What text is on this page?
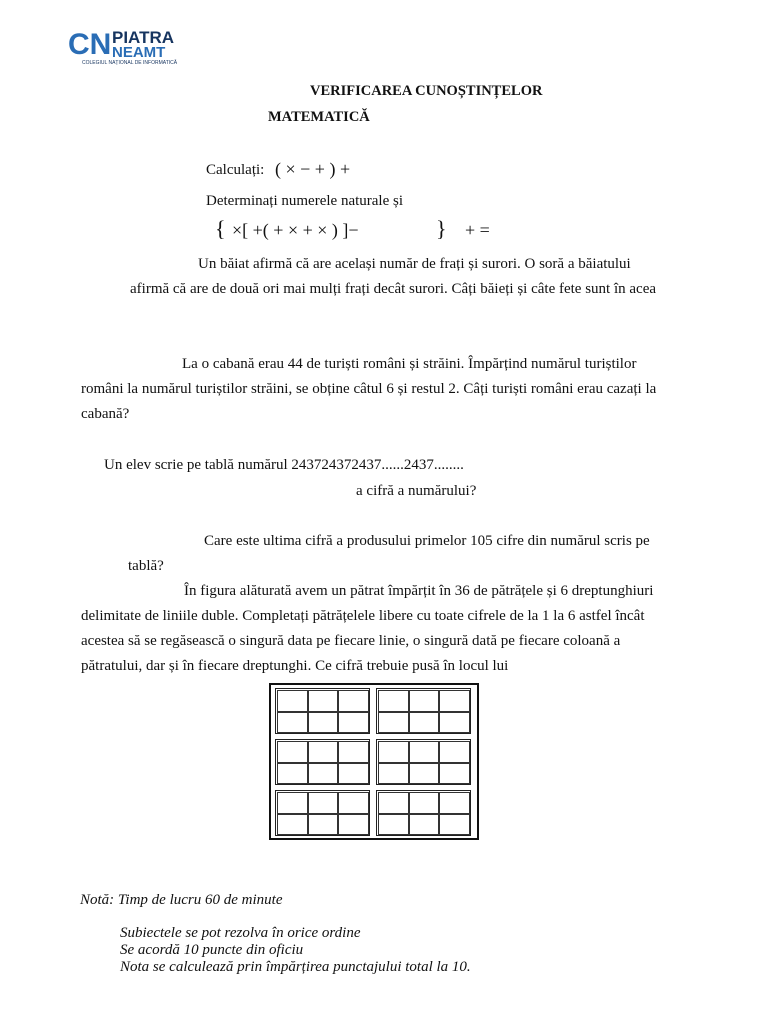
CN PIATRA
NEAMT
COLEGIUL NAȚIONAL DE INFORMATICĂ
VERIFICAREA CUNOȘTINȚELOR
MATEMATICĂ
Calculați: ( × − + ) +
Determinați numerele naturale și
{ ×[ +( + × + × ) ]−	} + =
Un băiat afirmă că are același număr de frați și surori. O soră a băiatului
afirmă că are de două ori mai mulți frați decât surori. Câți băieți și câte fete sunt în acea
La o cabană erau 44 de turiști români și străini. Împărțind numărul turiștilor
români la numărul turiștilor străini, se obține câtul 6 și restul 2. Câți turiști români erau cazați la
cabană?
Un elev scrie pe tablă numărul 243724372437......2437........
a cifră a numărului?
Care este ultima cifră a produsului primelor 105 cifre din numărul scris pe
tablă?
În figura alăturată avem un pătrat împărțit în 36 de pătrățele și 6 dreptunghiuri
delimitate de liniile duble. Completați pătrățelele libere cu toate cifrele de la 1 la 6 astfel încât
acestea să se regăsească o singură data pe fiecare linie, o singură dată pe fiecare coloană a
pătratului, dar și în fiecare dreptunghi. Ce cifră trebuie pusă în locul lui
Notă: Timp de lucru 60 de minute
Subiectele se pot rezolva în orice ordine
Se acordă 10 puncte din oficiu
Nota se calculează prin împărțirea punctajului total la 10.
